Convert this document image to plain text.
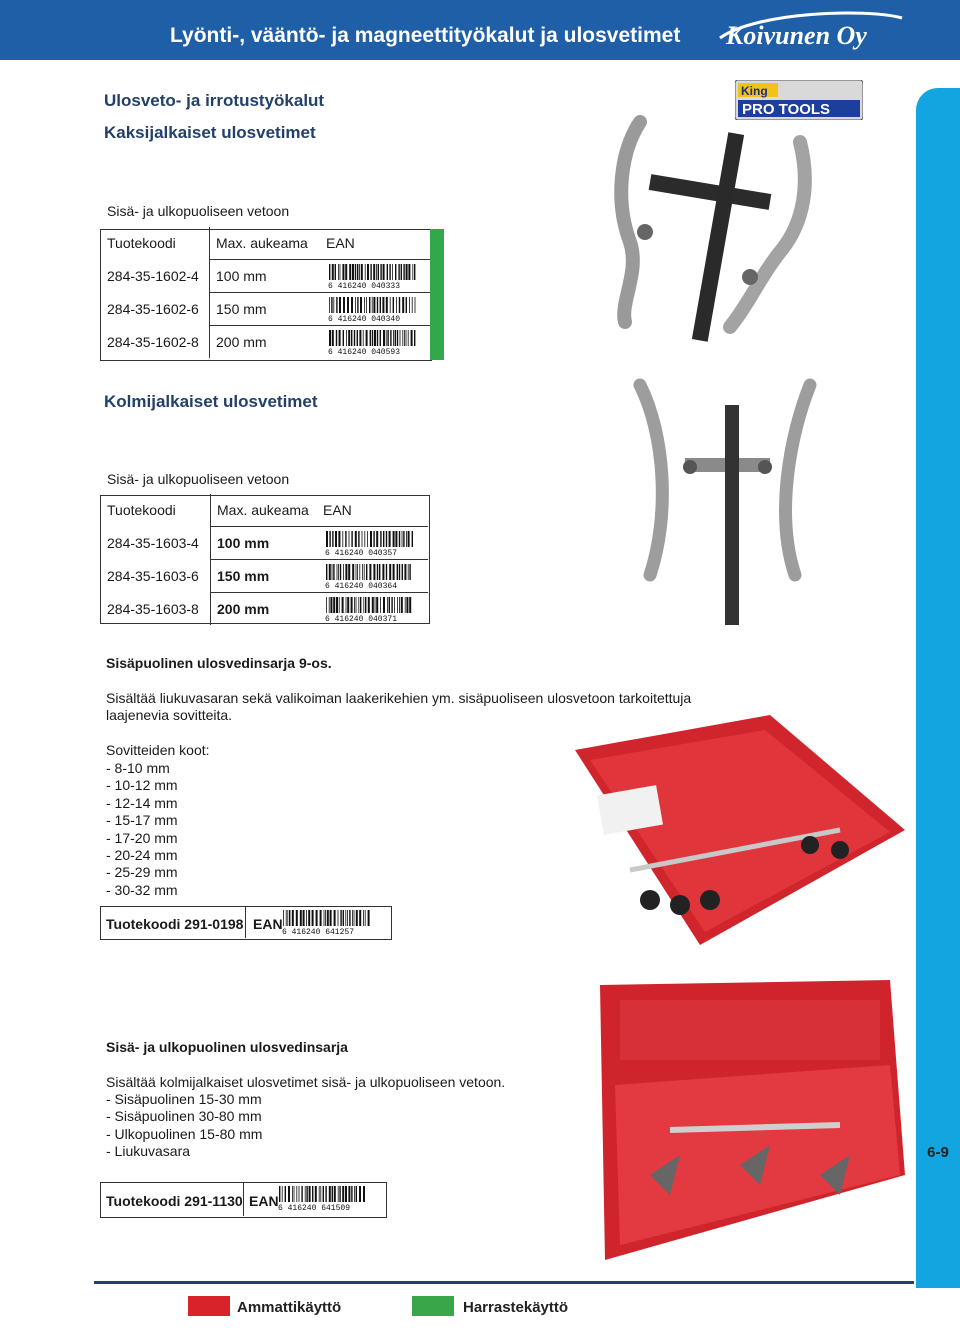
Lyönti-, vääntö- ja magneettityökalut ja ulosvetimet Koivunen Oy
6-9
King
PRO TOOLS
Ulosveto- ja irrotustyökalut
Kaksijalkaiset ulosvetimet
Sisä- ja ulkopuoliseen vetoon
Tuotekoodi	Max. aukeama	EAN
284-35-1602-4	100 mm	6 416240 040333

284-35-1602-6	150 mm	6 416240 040340

284-35-1602-8	200 mm	6 416240 040593
Kolmijalkaiset ulosvetimet
Sisä- ja ulkopuoliseen vetoon
Tuotekoodi	Max. aukeama	EAN
284-35-1603-4	100 mm	6 416240 040357

284-35-1603-6	150 mm	6 416240 040364

284-35-1603-8	200 mm	6 416240 040371
Sisäpuolinen ulosvedinsarja 9-os.
Sisältää liukuvasaran sekä valikoiman laakerikehien ym. sisäpuoliseen ulosvetoon tarkoitettuja
laajenevia sovitteita.
Sovitteiden koot:
- 8-10 mm
- 10-12 mm
- 12-14 mm
- 15-17 mm
- 17-20 mm
- 20-24 mm
- 25-29 mm
- 30-32 mm
Tuotekoodi 291-0198 EAN
6 416240 641257
Sisä- ja ulkopuolinen ulosvedinsarja
Sisältää kolmijalkaiset ulosvetimet sisä- ja ulkopuoliseen vetoon.
- Sisäpuolinen 15-30 mm
- Sisäpuolinen 30-80 mm
- Ulkopuolinen 15-80 mm
- Liukuvasara
Tuotekoodi 291-1130 EAN 6 416240 641509
Ammattikäyttö	Harrastekäyttö
